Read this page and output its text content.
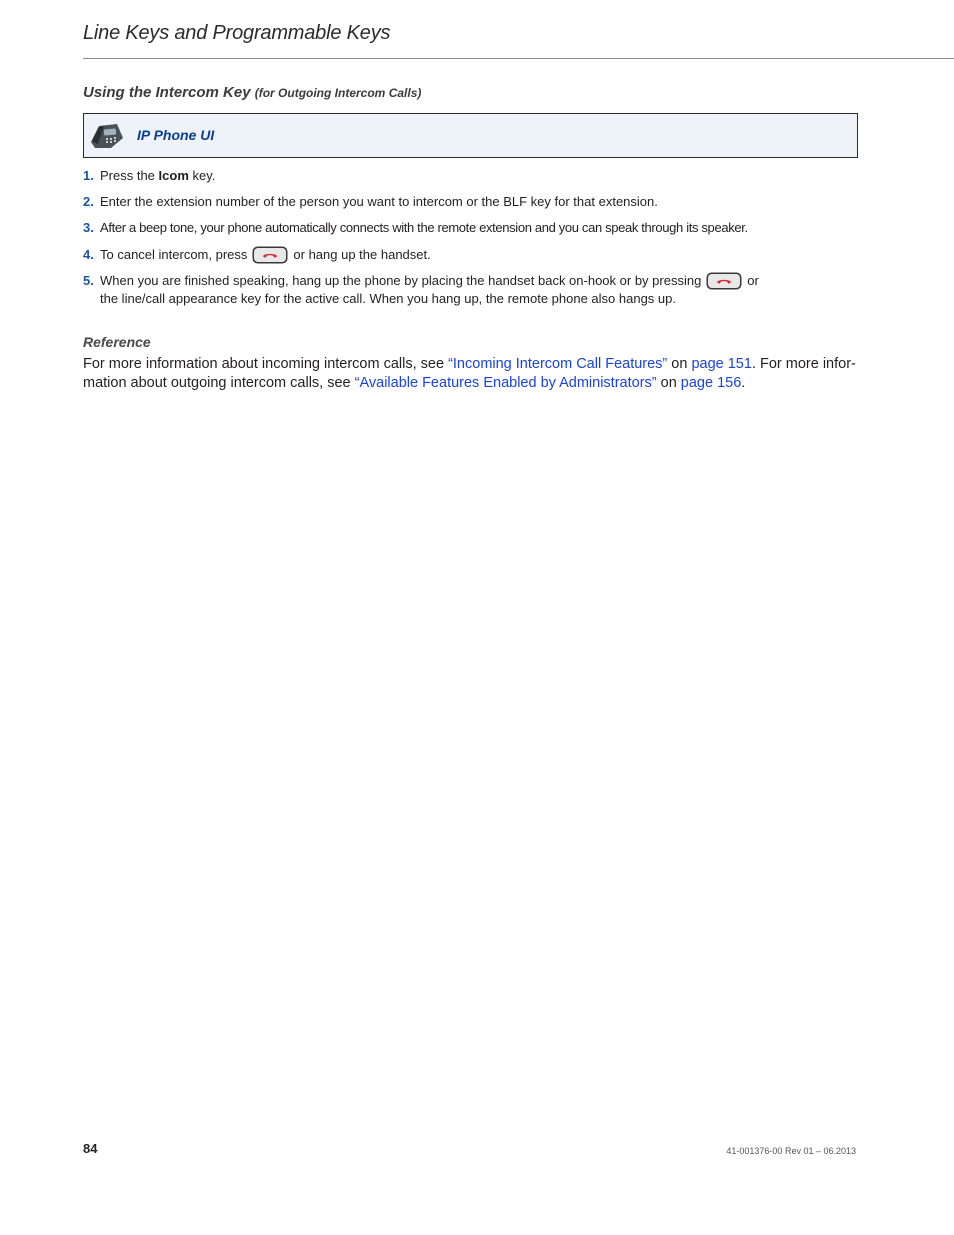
Line Keys and Programmable Keys
Using the Intercom Key (for Outgoing Intercom Calls)
IP Phone UI
1. Press the Icom key.
2. Enter the extension number of the person you want to intercom or the BLF key for that extension.
3. After a beep tone, your phone automatically connects with the remote extension and you can speak through its speaker.
4. To cancel intercom, press	or hang up the handset.
5. When you are finished speaking, hang up the phone by placing the handset back on-hook or by pressing	or
the line/call appearance key for the active call. When you hang up, the remote phone also hangs up.
Reference
For more information about incoming intercom calls, see “Incoming Intercom Call Features” on page 151. For more infor-
mation about outgoing intercom calls, see “Available Features Enabled by Administrators” on page 156.
84	41-001376-00 Rev 01 – 06.2013
